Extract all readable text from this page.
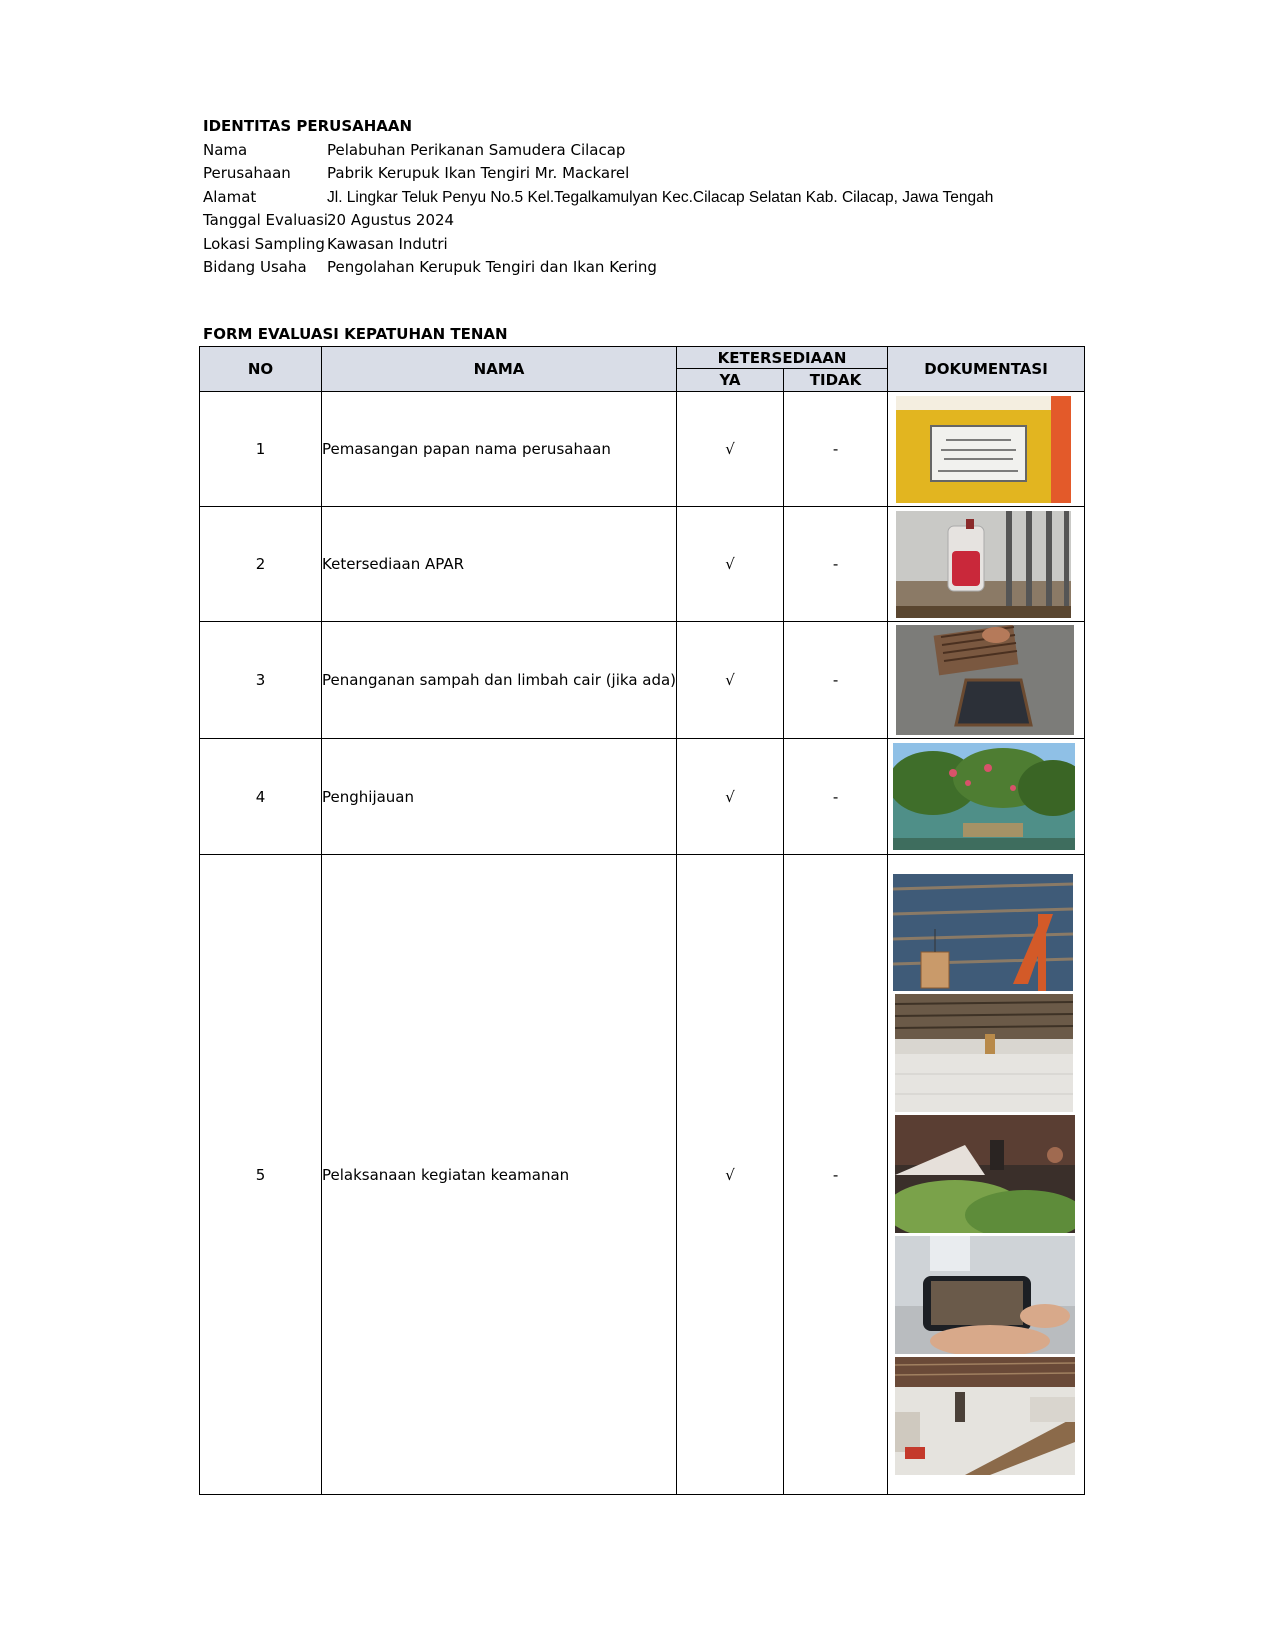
IDENTITAS PERUSAHAAN
Nama	Pelabuhan Perikanan Samudera Cilacap
Perusahaan	Pabrik Kerupuk Ikan Tengiri Mr. Mackarel
Alamat	Jl. Lingkar Teluk Penyu No.5 Kel.Tegalkamulyan Kec.Cilacap Selatan Kab. Cilacap, Jawa Tengah
Tanggal Evaluasi 20 Agustus 2024
Lokasi Sampling Kawasan Indutri
Bidang Usaha	Pengolahan Kerupuk Tengiri dan Ikan Kering
FORM EVALUASI KEPATUHAN TENAN
NO	NAMA	KETERSEDIAAN		DOKUMENTASI
		YA	TIDAK	
1	Pemasangan papan nama perusahaan	√	-	

2	Ketersediaan APAR	√	-	

3	Penanganan sampah dan limbah cair (jika ada)	√	-	

4	Penghijauan	√	-	

5	Pelaksanaan kegiatan keamanan	√	-	
